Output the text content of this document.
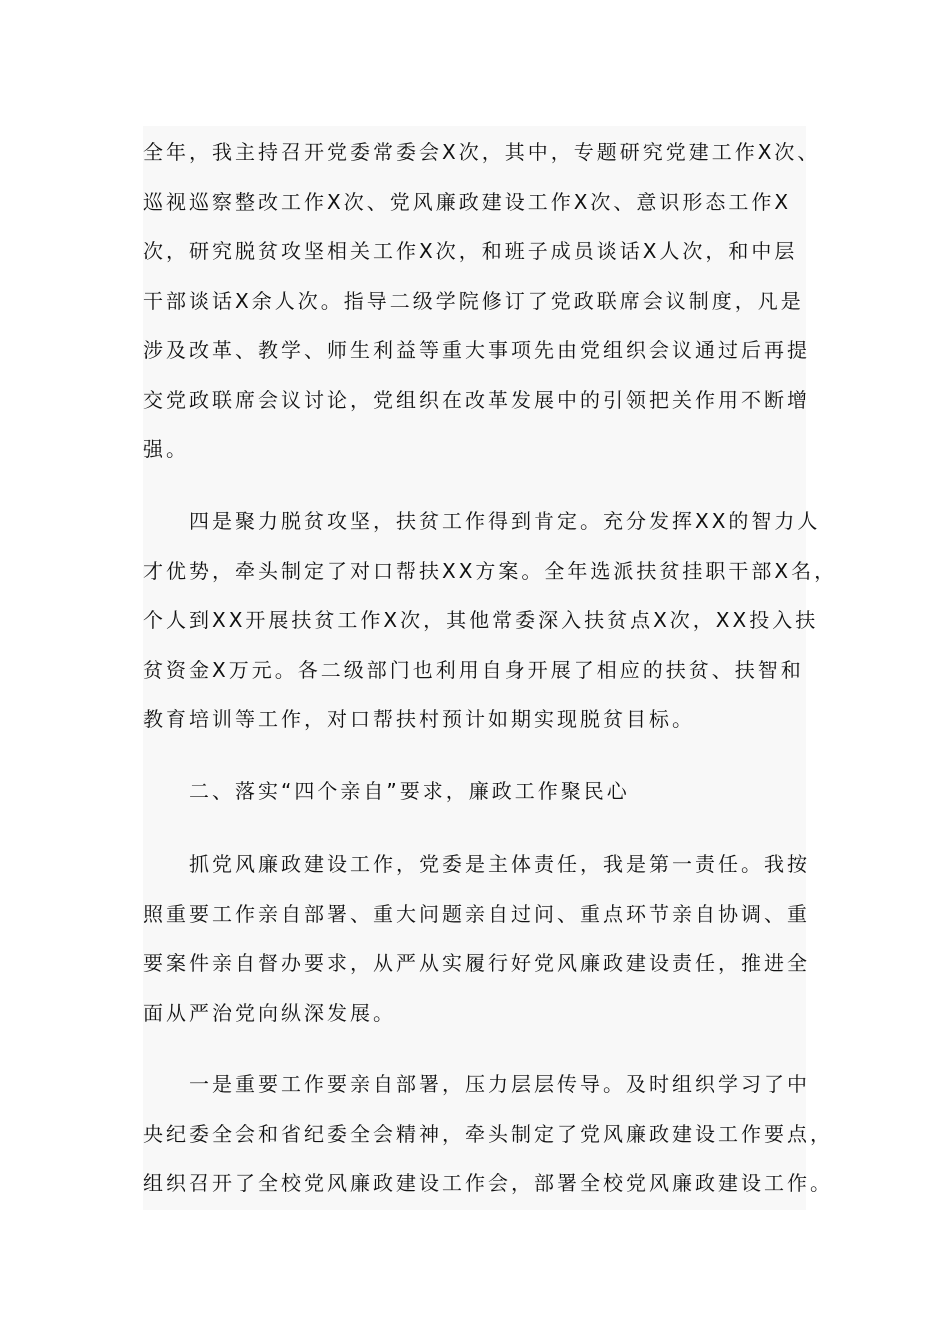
全年，我主持召开党委常委会X次，其中，专题研究党建工作X次、
巡视巡察整改工作X次、党风廉政建设工作X次、意识形态工作X
次，研究脱贫攻坚相关工作X次，和班子成员谈话X人次，和中层
干部谈话X余人次。指导二级学院修订了党政联席会议制度，凡是
涉及改革、教学、师生利益等重大事项先由党组织会议通过后再提
交党政联席会议讨论，党组织在改革发展中的引领把关作用不断增
强。

　　四是聚力脱贫攻坚，扶贫工作得到肯定。充分发挥XX的智力人
才优势，牵头制定了对口帮扶XX方案。全年选派扶贫挂职干部X名，
个人到XX开展扶贫工作X次，其他常委深入扶贫点X次，XX投入扶
贫资金X万元。各二级部门也利用自身开展了相应的扶贫、扶智和
教育培训等工作，对口帮扶村预计如期实现脱贫目标。

　　二、落实“四个亲自”要求，廉政工作聚民心

　　抓党风廉政建设工作，党委是主体责任，我是第一责任。我按
照重要工作亲自部署、重大问题亲自过问、重点环节亲自协调、重
要案件亲自督办要求，从严从实履行好党风廉政建设责任，推进全
面从严治党向纵深发展。

　　一是重要工作要亲自部署，压力层层传导。及时组织学习了中
央纪委全会和省纪委全会精神，牵头制定了党风廉政建设工作要点，
组织召开了全校党风廉政建设工作会，部署全校党风廉政建设工作。
